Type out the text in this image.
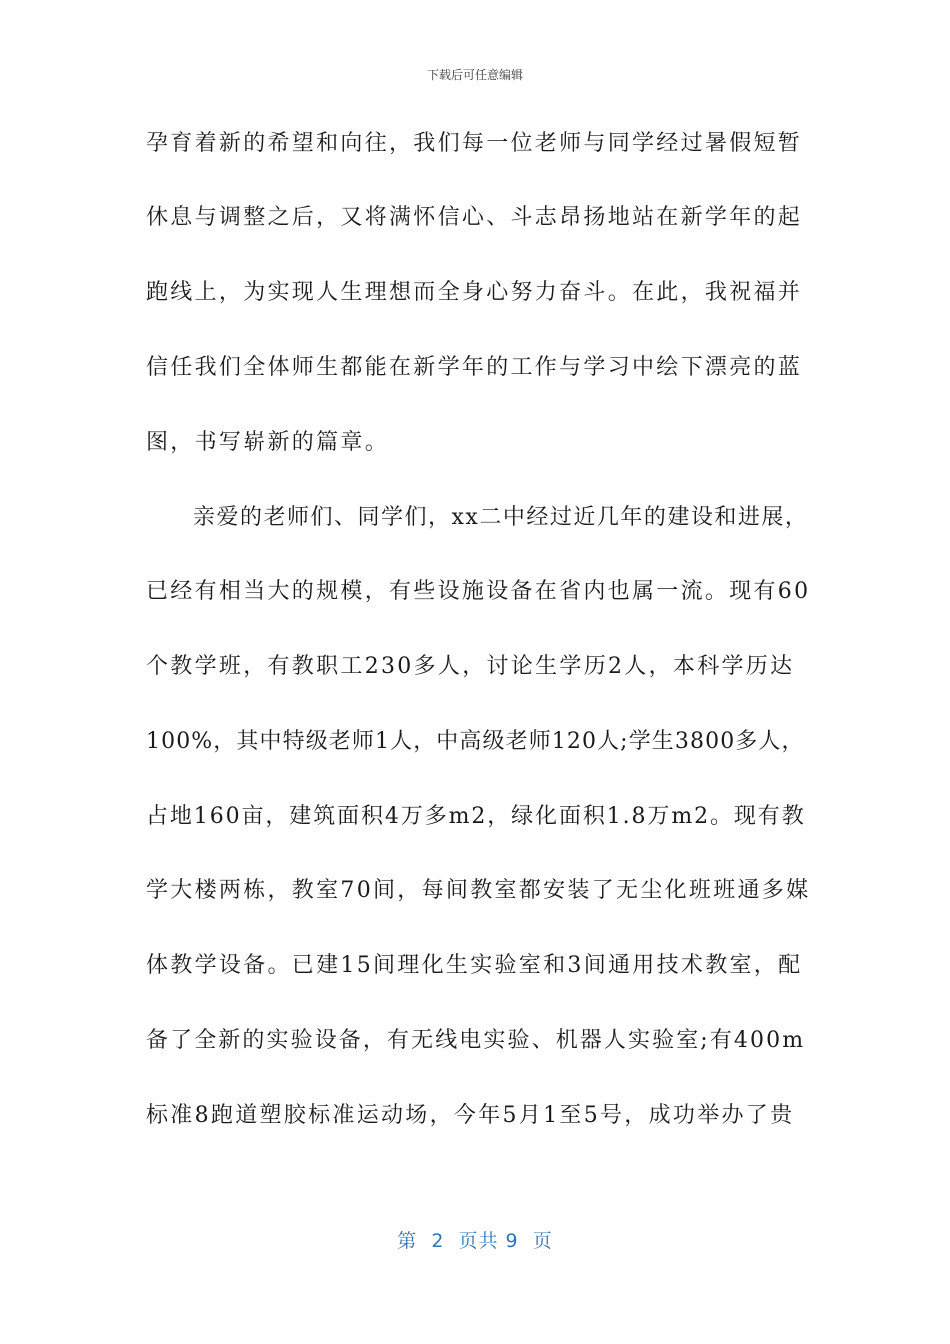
下载后可任意编辑
孕育着新的希望和向往，我们每一位老师与同学经过暑假短暂
休息与调整之后，又将满怀信心、斗志昂扬地站在新学年的起
跑线上，为实现人生理想而全身心努力奋斗。在此，我祝福并
信任我们全体师生都能在新学年的工作与学习中绘下漂亮的蓝
图，书写崭新的篇章。
　　亲爱的老师们、同学们，xx二中经过近几年的建设和进展，
已经有相当大的规模，有些设施设备在省内也属一流。现有60
个教学班，有教职工230多人，讨论生学历2人，本科学历达
100%，其中特级老师1人，中高级老师120人;学生3800多人，
占地160亩，建筑面积4万多m2，绿化面积1.8万m2。现有教
学大楼两栋，教室70间，每间教室都安装了无尘化班班通多媒
体教学设备。已建15间理化生实验室和3间通用技术教室，配
备了全新的实验设备，有无线电实验、机器人实验室;有400m
标准8跑道塑胶标准运动场，今年5月1至5号，成功举办了贵
第  2  页共 9  页
